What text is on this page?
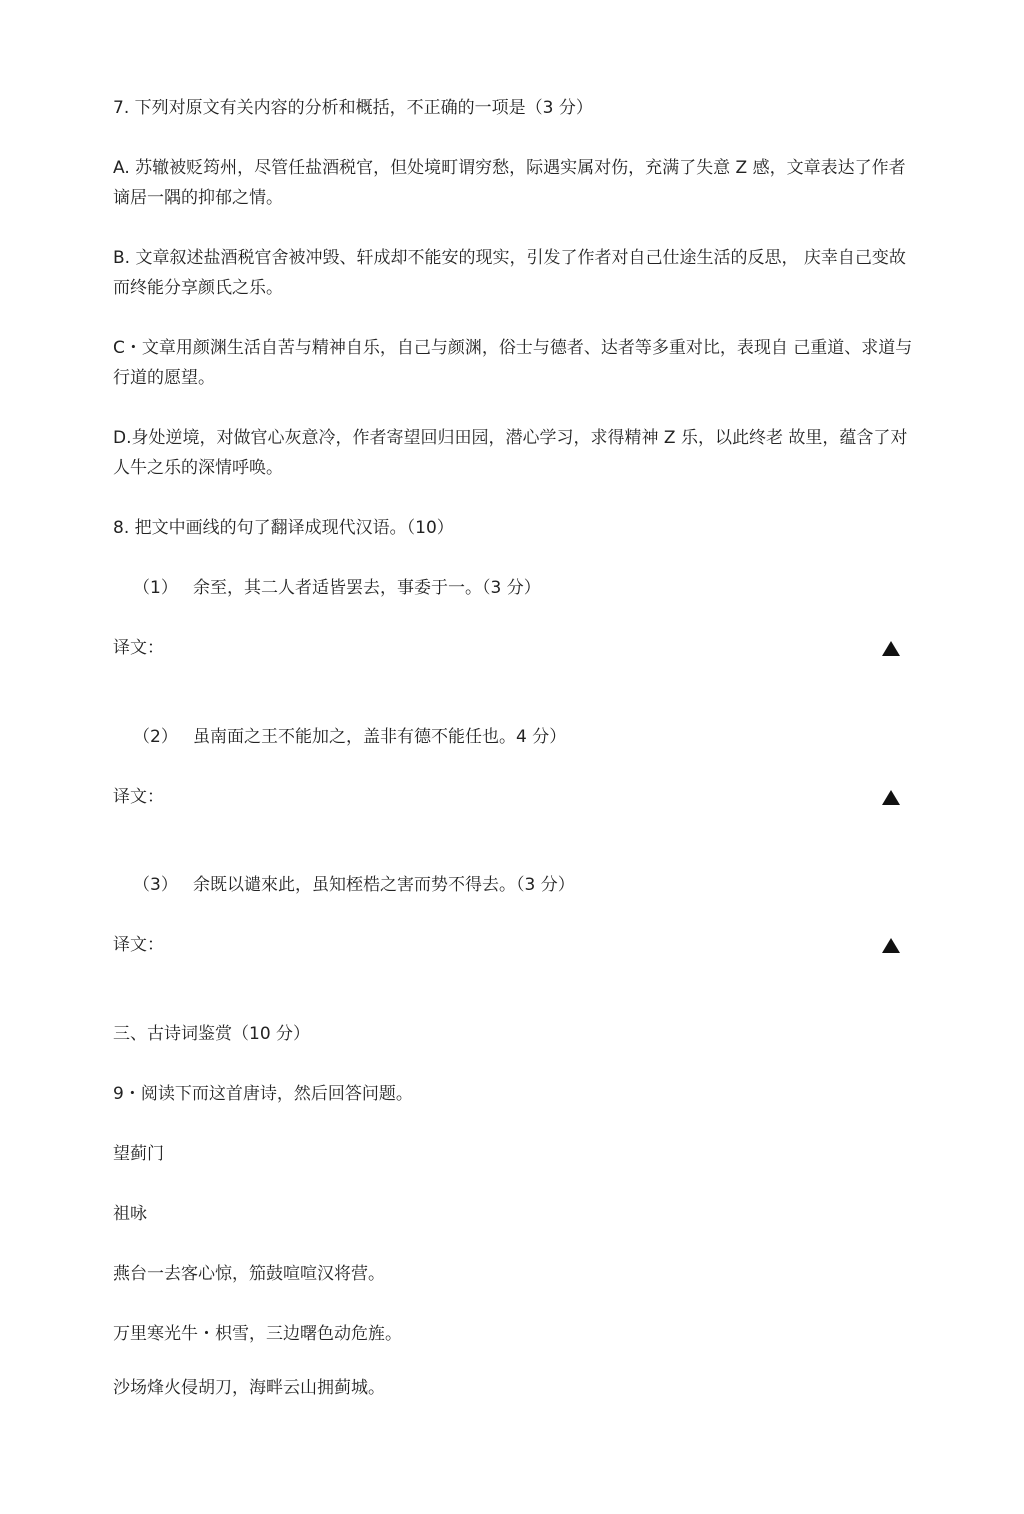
7. 下列对原文有关内容的分析和概括，不正确的一项是（3 分）
A. 苏辙被贬筠州，尽管任盐酒税官，但处境町谓穷愁，际遇实属对伤，充满了失意 Z 感，文章表达了作者谪居一隅的抑郁之情。
B. 文章叙述盐酒税官舍被冲毁、轩成却不能安的现实，引发了作者对自己仕途生活的反思， 庆幸自己变故而终能分享颜氏之乐。
C・文章用颜渊生活自苦与精神自乐，自己与颜渊，俗士与德者、达者等多重对比，表现自 己重道、求道与行道的愿望。
D.身处逆境，对做官心灰意冷，作者寄望回归田园，潜心学习，求得精神 Z 乐，以此终老 故里，蕴含了对人牛之乐的深情呼唤。
8. 把文中画线的句了翻译成现代汉语。（10）
（1） 余至，其二人者适皆罢去，事委于一。（3 分）
译文：
（2） 虽南面之王不能加之，盖非有德不能任也。4 分）
译文：
（3） 余既以谴來此，虽知桎梏之害而势不得去。（3 分）
译文：
三、古诗词鉴赏（10 分）
9・阅读下而这首唐诗，然后回答问题。
望蓟门
祖咏
燕台一去客心惊，笳鼓喧喧汉将营。
万里寒光牛・枳雪，三边曙色动危旌。
沙场烽火侵胡刀，海畔云山拥蓟城。
